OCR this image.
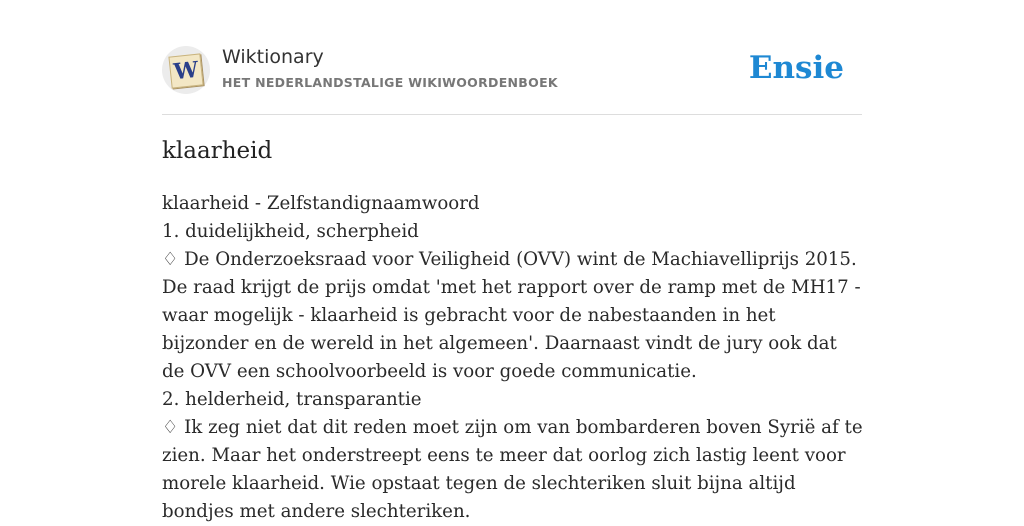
W Wiktionary
HET NEDERLANDSTALIGE WIKIWOORDENBOEK	Ensie
klaarheid

klaarheid - Zelfstandignaamwoord

1. duidelijkheid, scherpheid

♢ De Onderzoeksraad voor Veiligheid (OVV) wint de Machiavelliprijs 2015. De raad krijgt de prijs omdat 'met het rapport over de ramp met de MH17 - waar mogelijk - klaarheid is gebracht voor de nabestaanden in het bijzonder en de wereld in het algemeen'. Daarnaast vindt de jury ook dat de OVV een schoolvoorbeeld is voor goede communicatie.

2. helderheid, transparantie

♢ Ik zeg niet dat dit reden moet zijn om van bombarderen boven Syrië af te zien. Maar het onderstreept eens te meer dat oorlog zich lastig leent voor morele klaarheid. Wie opstaat tegen de slechteriken sluit bijna altijd bondjes met andere slechteriken.
